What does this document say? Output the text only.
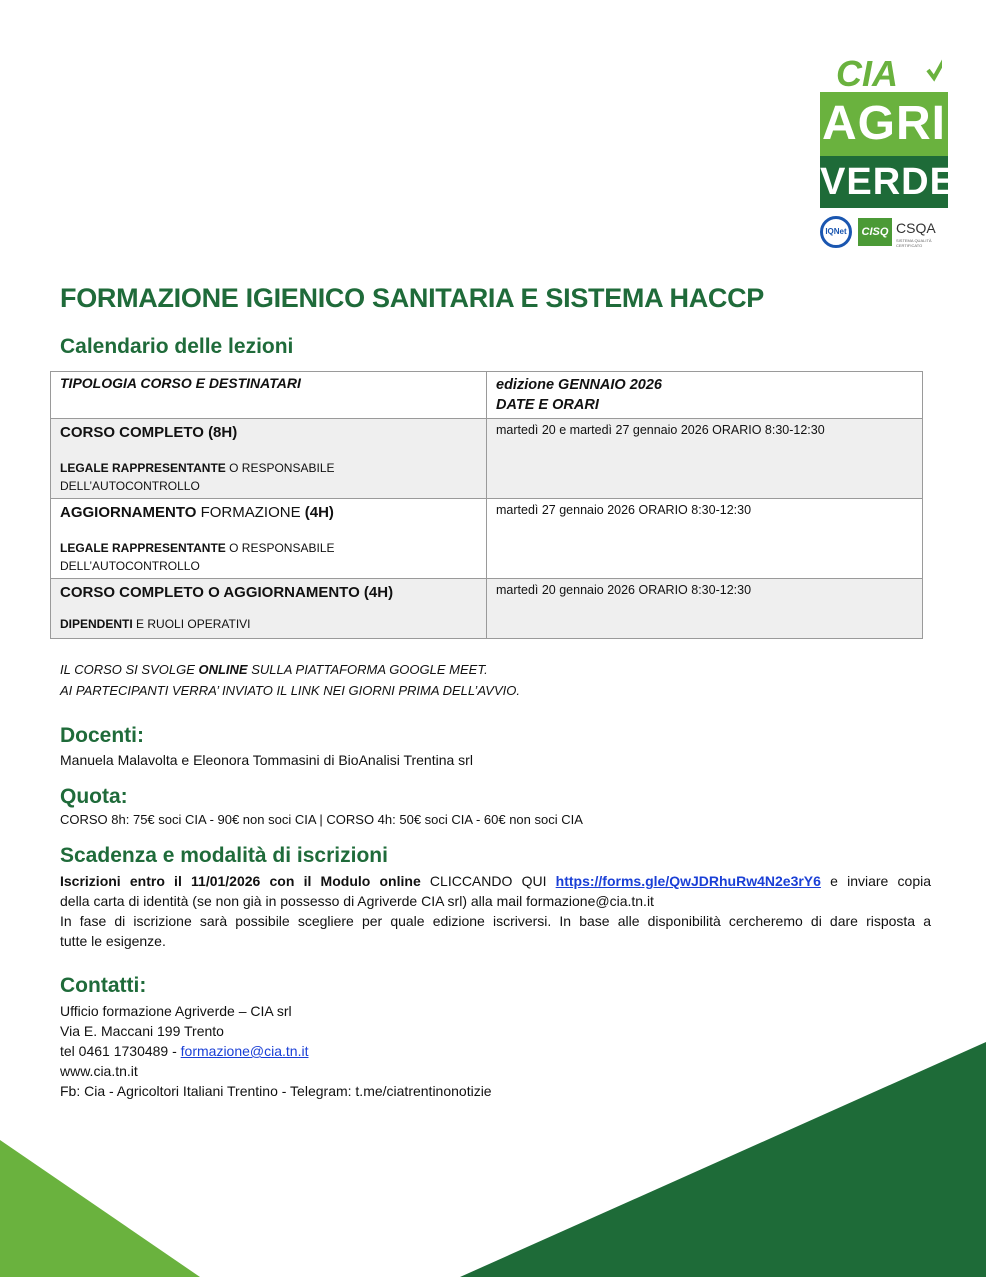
CIA
AGRI
VERDE
IQNet	CISQ CSQA
SISTEMA QUALITÀ CERTIFICATO
FORMAZIONE IGIENICO SANITARIA E SISTEMA HACCP
Calendario delle lezioni
TIPOLOGIA CORSO E DESTINATARI	edizione GENNAIO 2026
DATE E ORARI

CORSO COMPLETO (8H)
LEGALE RAPPRESENTANTE O RESPONSABILE
DELL’AUTOCONTROLLO	martedì 20 e martedì 27 gennaio 2026 ORARIO 8:30-12:30

AGGIORNAMENTO FORMAZIONE (4H)
LEGALE RAPPRESENTANTE O RESPONSABILE
DELL’AUTOCONTROLLO	martedì 27 gennaio 2026 ORARIO 8:30-12:30

CORSO COMPLETO O AGGIORNAMENTO (4H)
DIPENDENTI E RUOLI OPERATIVI	martedì 20 gennaio 2026 ORARIO 8:30-12:30
IL CORSO SI SVOLGE ONLINE SULLA PIATTAFORMA GOOGLE MEET.
AI PARTECIPANTI VERRA’ INVIATO IL LINK NEI GIORNI PRIMA DELL’AVVIO.
Docenti:
Manuela Malavolta e Eleonora Tommasini di BioAnalisi Trentina srl
Quota:
CORSO 8h: 75€ soci CIA - 90€ non soci CIA | CORSO 4h: 50€ soci CIA - 60€ non soci CIA
Scadenza e modalità di iscrizioni
Iscrizioni entro il 11/01/2026 con il Modulo online CLICCANDO QUI https://forms.gle/QwJDRhuRw4N2e3rY6 e inviare copia
della carta di identità (se non già in possesso di Agriverde CIA srl) alla mail formazione@cia.tn.it
In fase di iscrizione sarà possibile scegliere per quale edizione iscriversi. In base alle disponibilità cercheremo di dare risposta a
tutte le esigenze.
Contatti:
Ufficio formazione Agriverde – CIA srl
Via E. Maccani 199 Trento
tel 0461 1730489 - formazione@cia.tn.it
www.cia.tn.it
Fb: Cia - Agricoltori Italiani Trentino - Telegram: t.me/ciatrentinonotizie
